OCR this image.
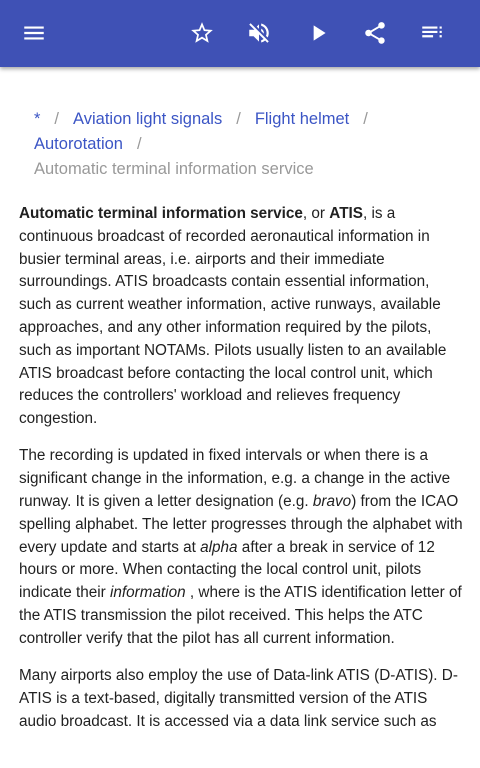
* / Aviation light signals / Flight helmet /
Autorotation /
Automatic terminal information service

Automatic terminal information service, or ATIS, is a continuous broadcast of recorded aeronautical information in busier terminal areas, i.e. airports and their immediate surroundings. ATIS broadcasts contain essential information, such as current weather information, active runways, available approaches, and any other information required by the pilots, such as important NOTAMs. Pilots usually listen to an available ATIS broadcast before contacting the local control unit, which reduces the controllers' workload and relieves frequency congestion.

The recording is updated in fixed intervals or when there is a significant change in the information, e.g. a change in the active runway. It is given a letter designation (e.g. bravo) from the ICAO spelling alphabet. The letter progresses through the alphabet with every update and starts at alpha after a break in service of 12 hours or more. When contacting the local control unit, pilots indicate their information , where is the ATIS identification letter of the ATIS transmission the pilot received. This helps the ATC controller verify that the pilot has all current information.

Many airports also employ the use of Data-link ATIS (D-ATIS). D-ATIS is a text-based, digitally transmitted version of the ATIS audio broadcast. It is accessed via a data link service such as
